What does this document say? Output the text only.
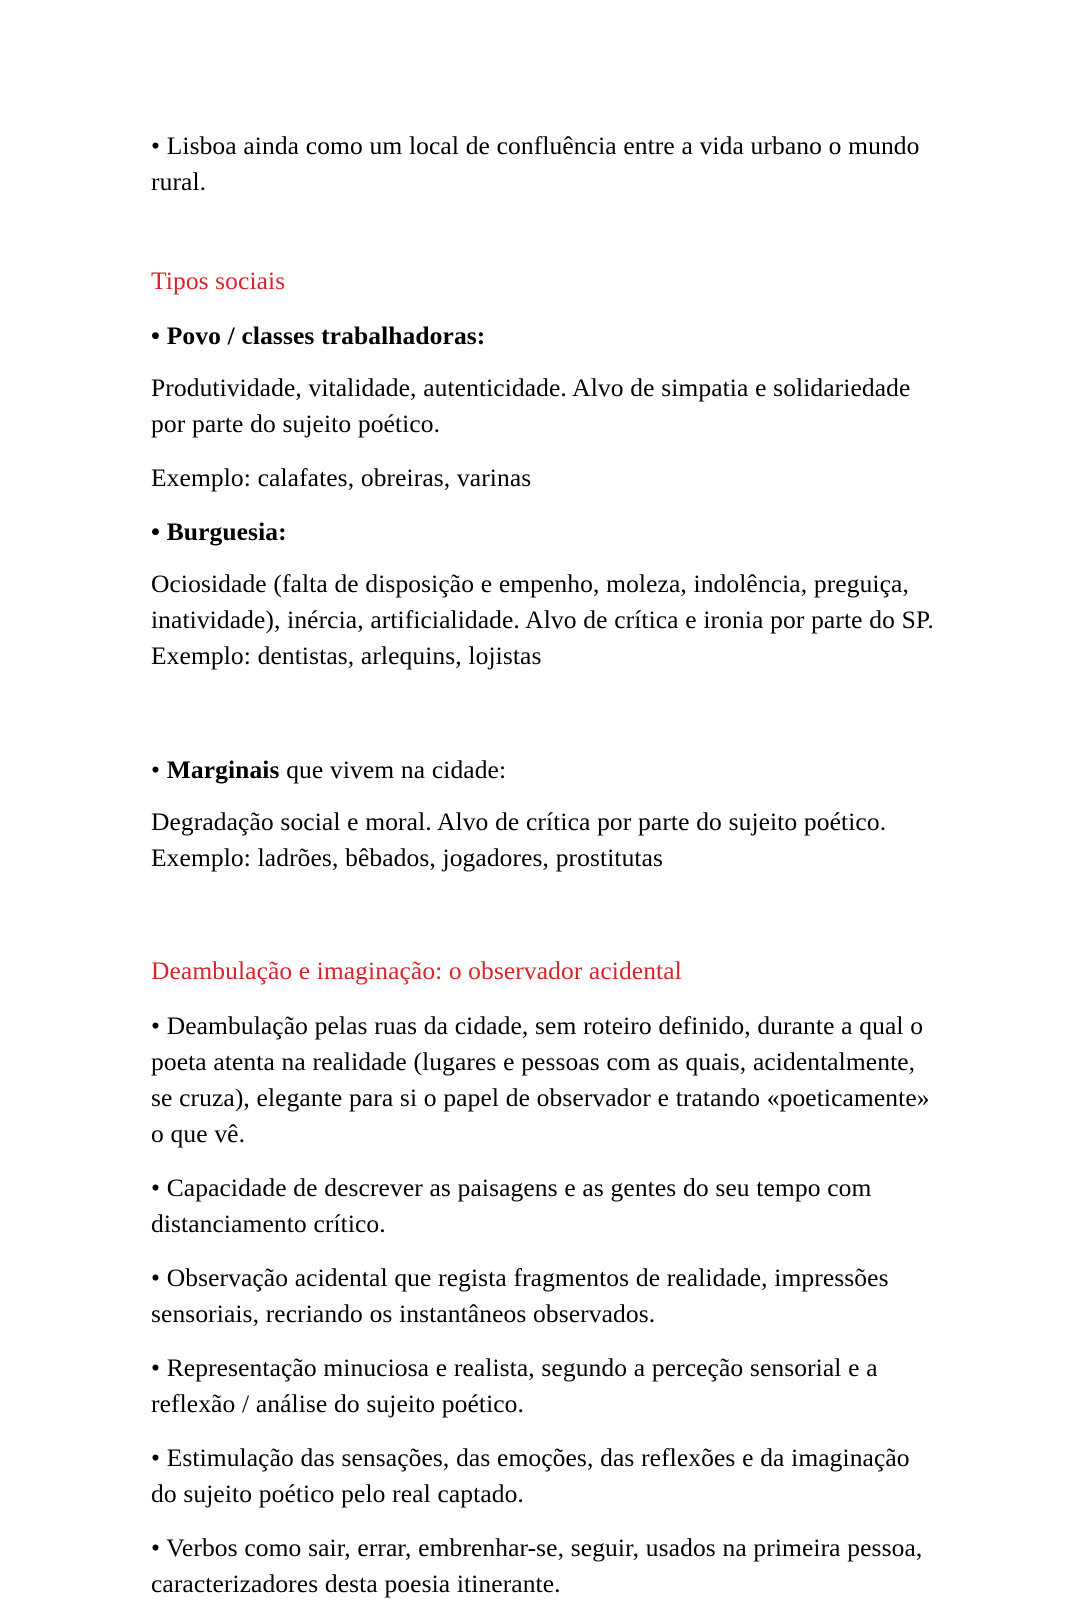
• Lisboa ainda como um local de confluência entre a vida urbano o mundo rural.

Tipos sociais

• Povo / classes trabalhadoras:

Produtividade, vitalidade, autenticidade. Alvo de simpatia e solidariedade por parte do sujeito poético.

Exemplo: calafates, obreiras, varinas

• Burguesia:

Ociosidade (falta de disposição e empenho, moleza, indolência, preguiça, inatividade), inércia, artificialidade. Alvo de crítica e ironia por parte do SP.

Exemplo: dentistas, arlequins, lojistas

• Marginais que vivem na cidade:

Degradação social e moral. Alvo de crítica por parte do sujeito poético.

Exemplo: ladrões, bêbados, jogadores, prostitutas

Deambulação e imaginação: o observador acidental

• Deambulação pelas ruas da cidade, sem roteiro definido, durante a qual o poeta atenta na realidade (lugares e pessoas com as quais, acidentalmente, se cruza), elegante para si o papel de observador e tratando «poeticamente» o que vê.

• Capacidade de descrever as paisagens e as gentes do seu tempo com distanciamento crítico.

• Observação acidental que regista fragmentos de realidade, impressões sensoriais, recriando os instantâneos observados.

• Representação minuciosa e realista, segundo a perceção sensorial e a reflexão / análise do sujeito poético.

• Estimulação das sensações, das emoções, das reflexões e da imaginação do sujeito poético pelo real captado.

• Verbos como sair, errar, embrenhar-se, seguir, usados na primeira pessoa, caracterizadores desta poesia itinerante.
